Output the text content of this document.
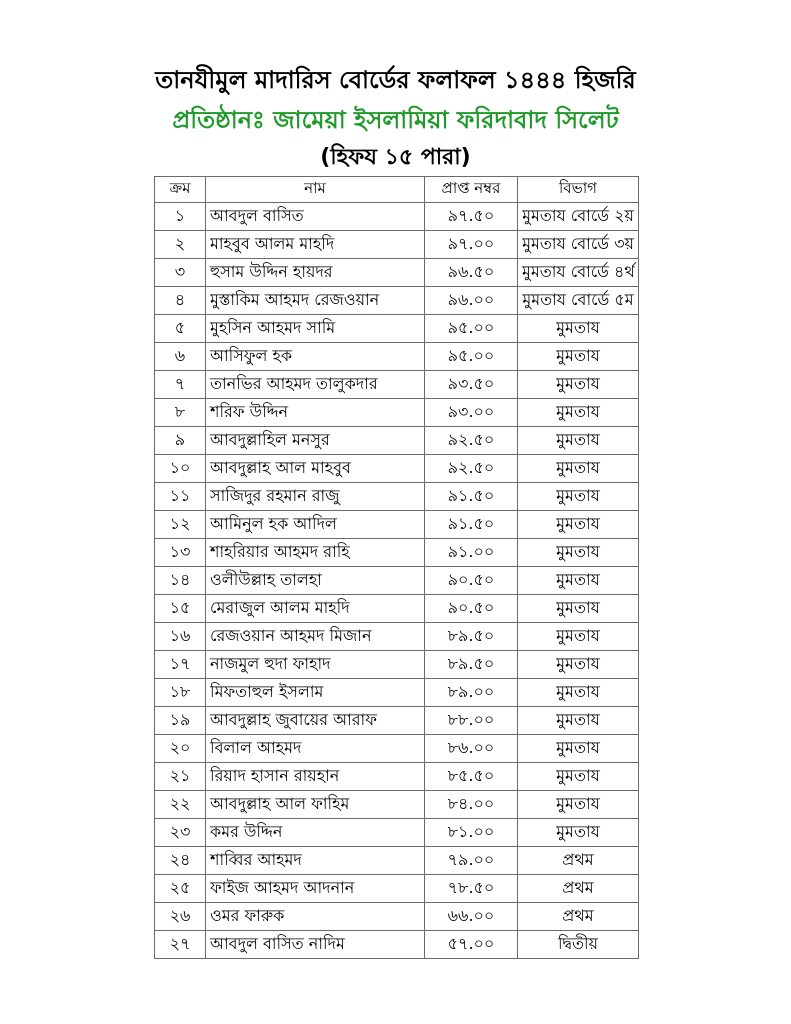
তানযীমুল মাদারিস বোর্ডের ফলাফল ১৪৪৪ হিজরি
প্রতিষ্ঠানঃ জামেয়া ইসলামিয়া ফরিদাবাদ সিলেট
(হিফয ১৫ পারা)
ক্রম	নাম	প্রাপ্ত নম্বর	বিভাগ
১	আবদুল বাসিত	৯৭.৫০	মুমতায বোর্ডে ২য়
২	মাহবুব আলম মাহদি	৯৭.০০	মুমতায বোর্ডে ৩য়
৩	হুসাম উদ্দিন হায়দর	৯৬.৫০	মুমতায বোর্ডে ৪র্থ
৪	মুস্তাকিম আহমদ রেজওয়ান	৯৬.০০	মুমতায বোর্ডে ৫ম
৫	মুহসিন আহমদ সামি	৯৫.০০	মুমতায
৬	আসিফুল হক	৯৫.০০	মুমতায
৭	তানভির আহমদ তালুকদার	৯৩.৫০	মুমতায
৮	শরিফ উদ্দিন	৯৩.০০	মুমতায
৯	আবদুল্লাহিল মনসুর	৯২.৫০	মুমতায
১০	আবদুল্লাহ আল মাহবুব	৯২.৫০	মুমতায
১১	সাজিদুর রহমান রাজু	৯১.৫০	মুমতায
১২	আমিনুল হক আদিল	৯১.৫০	মুমতায
১৩	শাহরিয়ার আহমদ রাহি	৯১.০০	মুমতায
১৪	ওলীউল্লাহ তালহা	৯০.৫০	মুমতায
১৫	মেরাজুল আলম মাহদি	৯০.৫০	মুমতায
১৬	রেজওয়ান আহমদ মিজান	৮৯.৫০	মুমতায
১৭	নাজমুল হুদা ফাহাদ	৮৯.৫০	মুমতায
১৮	মিফতাহুল ইসলাম	৮৯.০০	মুমতায
১৯	আবদুল্লাহ জুবায়ের আরাফ	৮৮.০০	মুমতায
২০	বিলাল আহমদ	৮৬.০০	মুমতায
২১	রিয়াদ হাসান রায়হান	৮৫.৫০	মুমতায
২২	আবদুল্লাহ আল ফাহিম	৮৪.০০	মুমতায
২৩	কমর উদ্দিন	৮১.০০	মুমতায
২৪	শাব্বির আহমদ	৭৯.০০	প্রথম
২৫	ফাইজ আহমদ আদনান	৭৮.৫০	প্রথম
২৬	ওমর ফারুক	৬৬.০০	প্রথম
২৭	আবদুল বাসিত নাদিম	৫৭.০০	দ্বিতীয়
